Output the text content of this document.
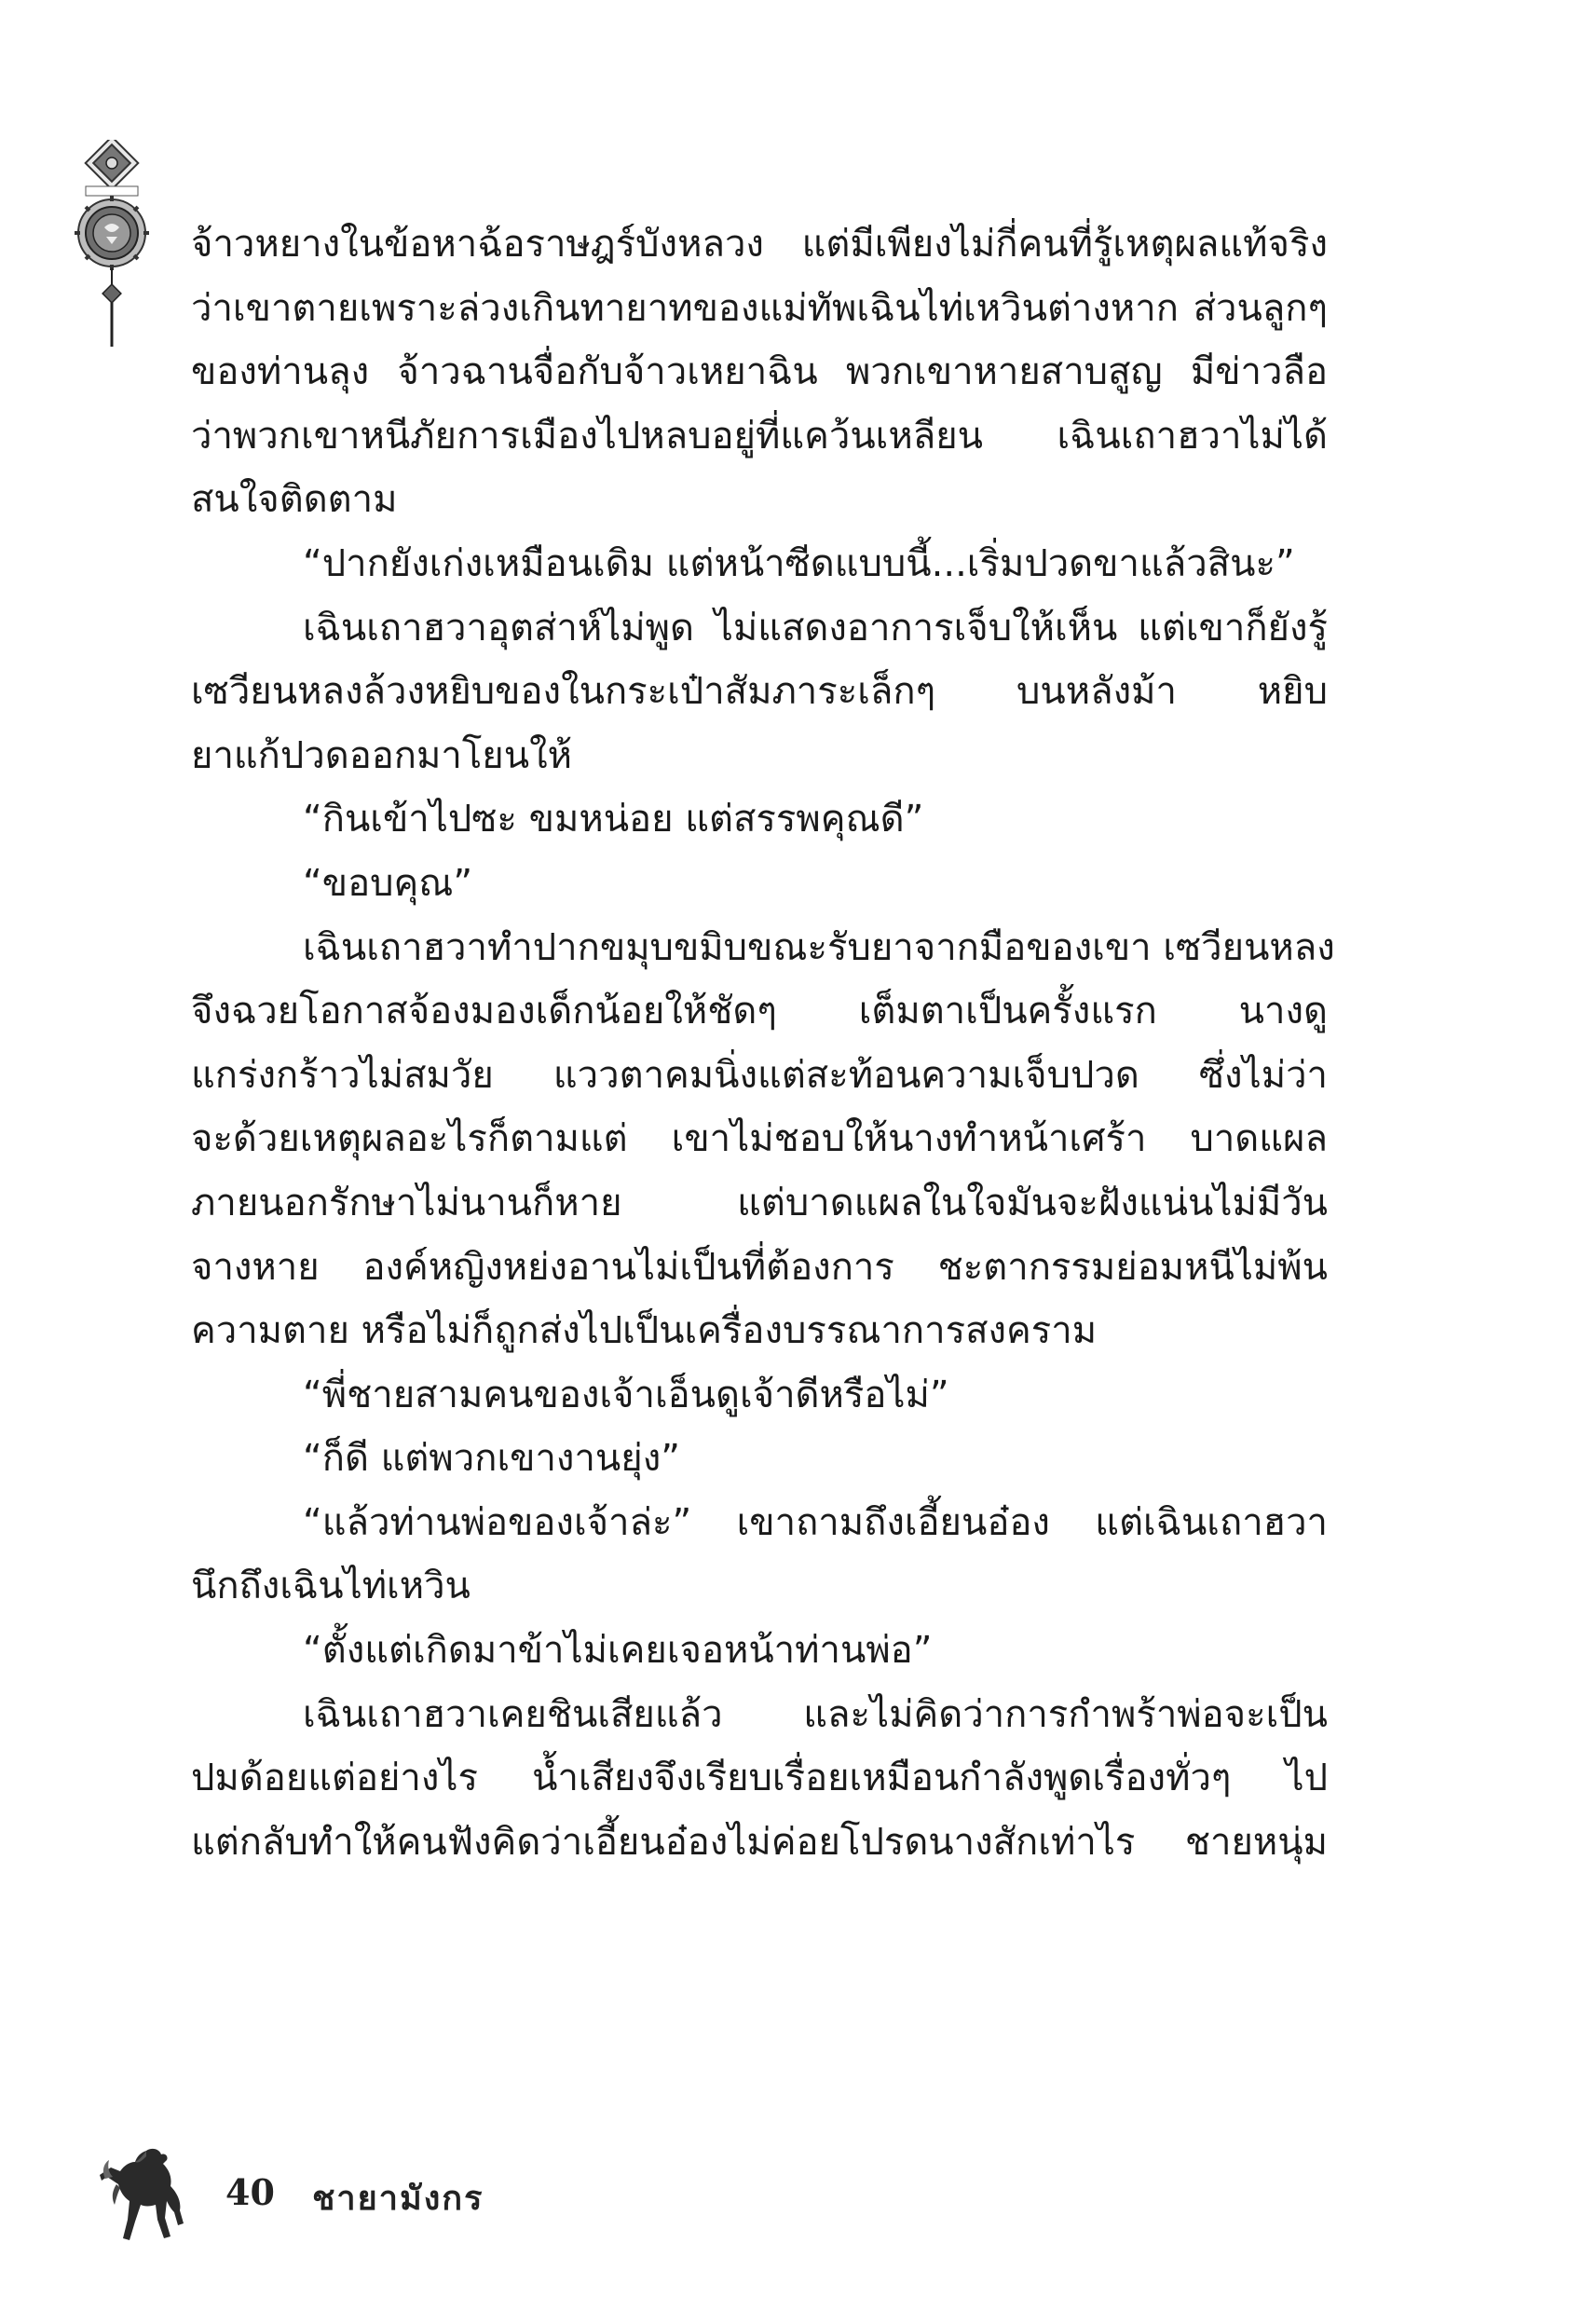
จ้าวหยางในข้อหาฉ้อราษฎร์บังหลวง แต่มีเพียงไม่กี่คนที่รู้เหตุผลแท้จริง
ว่าเขาตายเพราะล่วงเกินทายาทของแม่ทัพเฉินไท่เหวินต่างหาก ส่วนลูกๆ
ของท่านลุง จ้าวฉานจื่อกับจ้าวเหยาฉิน พวกเขาหายสาบสูญ มีข่าวลือ
ว่าพวกเขาหนีภัยการเมืองไปหลบอยู่ที่แคว้นเหลียน เฉินเถาฮวาไม่ได้
สนใจติดตาม
“ปากยังเก่งเหมือนเดิม แต่หน้าซีดแบบนี้...เริ่มปวดขาแล้วสินะ”
เฉินเถาฮวาอุตส่าห์ไม่พูด ไม่แสดงอาการเจ็บให้เห็น แต่เขาก็ยังรู้
เซวียนหลงล้วงหยิบของในกระเป๋าสัมภาระเล็กๆ บนหลังม้า หยิบ
ยาแก้ปวดออกมาโยนให้
“กินเข้าไปซะ ขมหน่อย แต่สรรพคุณดี”
“ขอบคุณ”
เฉินเถาฮวาทำปากขมุบขมิบขณะรับยาจากมือของเขา เซวียนหลง
จึงฉวยโอกาสจ้องมองเด็กน้อยให้ชัดๆ เต็มตาเป็นครั้งแรก นางดู
แกร่งกร้าวไม่สมวัย แววตาคมนิ่งแต่สะท้อนความเจ็บปวด ซึ่งไม่ว่า
จะด้วยเหตุผลอะไรก็ตามแต่ เขาไม่ชอบให้นางทำหน้าเศร้า บาดแผล
ภายนอกรักษาไม่นานก็หาย แต่บาดแผลในใจมันจะฝังแน่นไม่มีวัน
จางหาย องค์หญิงหย่งอานไม่เป็นที่ต้องการ ชะตากรรมย่อมหนีไม่พ้น
ความตาย หรือไม่ก็ถูกส่งไปเป็นเครื่องบรรณาการสงคราม
“พี่ชายสามคนของเจ้าเอ็นดูเจ้าดีหรือไม่”
“ก็ดี แต่พวกเขางานยุ่ง”
“แล้วท่านพ่อของเจ้าล่ะ” เขาถามถึงเอี้ยนอ๋อง แต่เฉินเถาฮวา
นึกถึงเฉินไท่เหวิน
“ตั้งแต่เกิดมาข้าไม่เคยเจอหน้าท่านพ่อ”
เฉินเถาฮวาเคยชินเสียแล้ว และไม่คิดว่าการกำพร้าพ่อจะเป็น
ปมด้อยแต่อย่างไร น้ำเสียงจึงเรียบเรื่อยเหมือนกำลังพูดเรื่องทั่วๆ ไป
แต่กลับทำให้คนฟังคิดว่าเอี้ยนอ๋องไม่ค่อยโปรดนางสักเท่าไร ชายหนุ่ม
40 ชายามังกร
